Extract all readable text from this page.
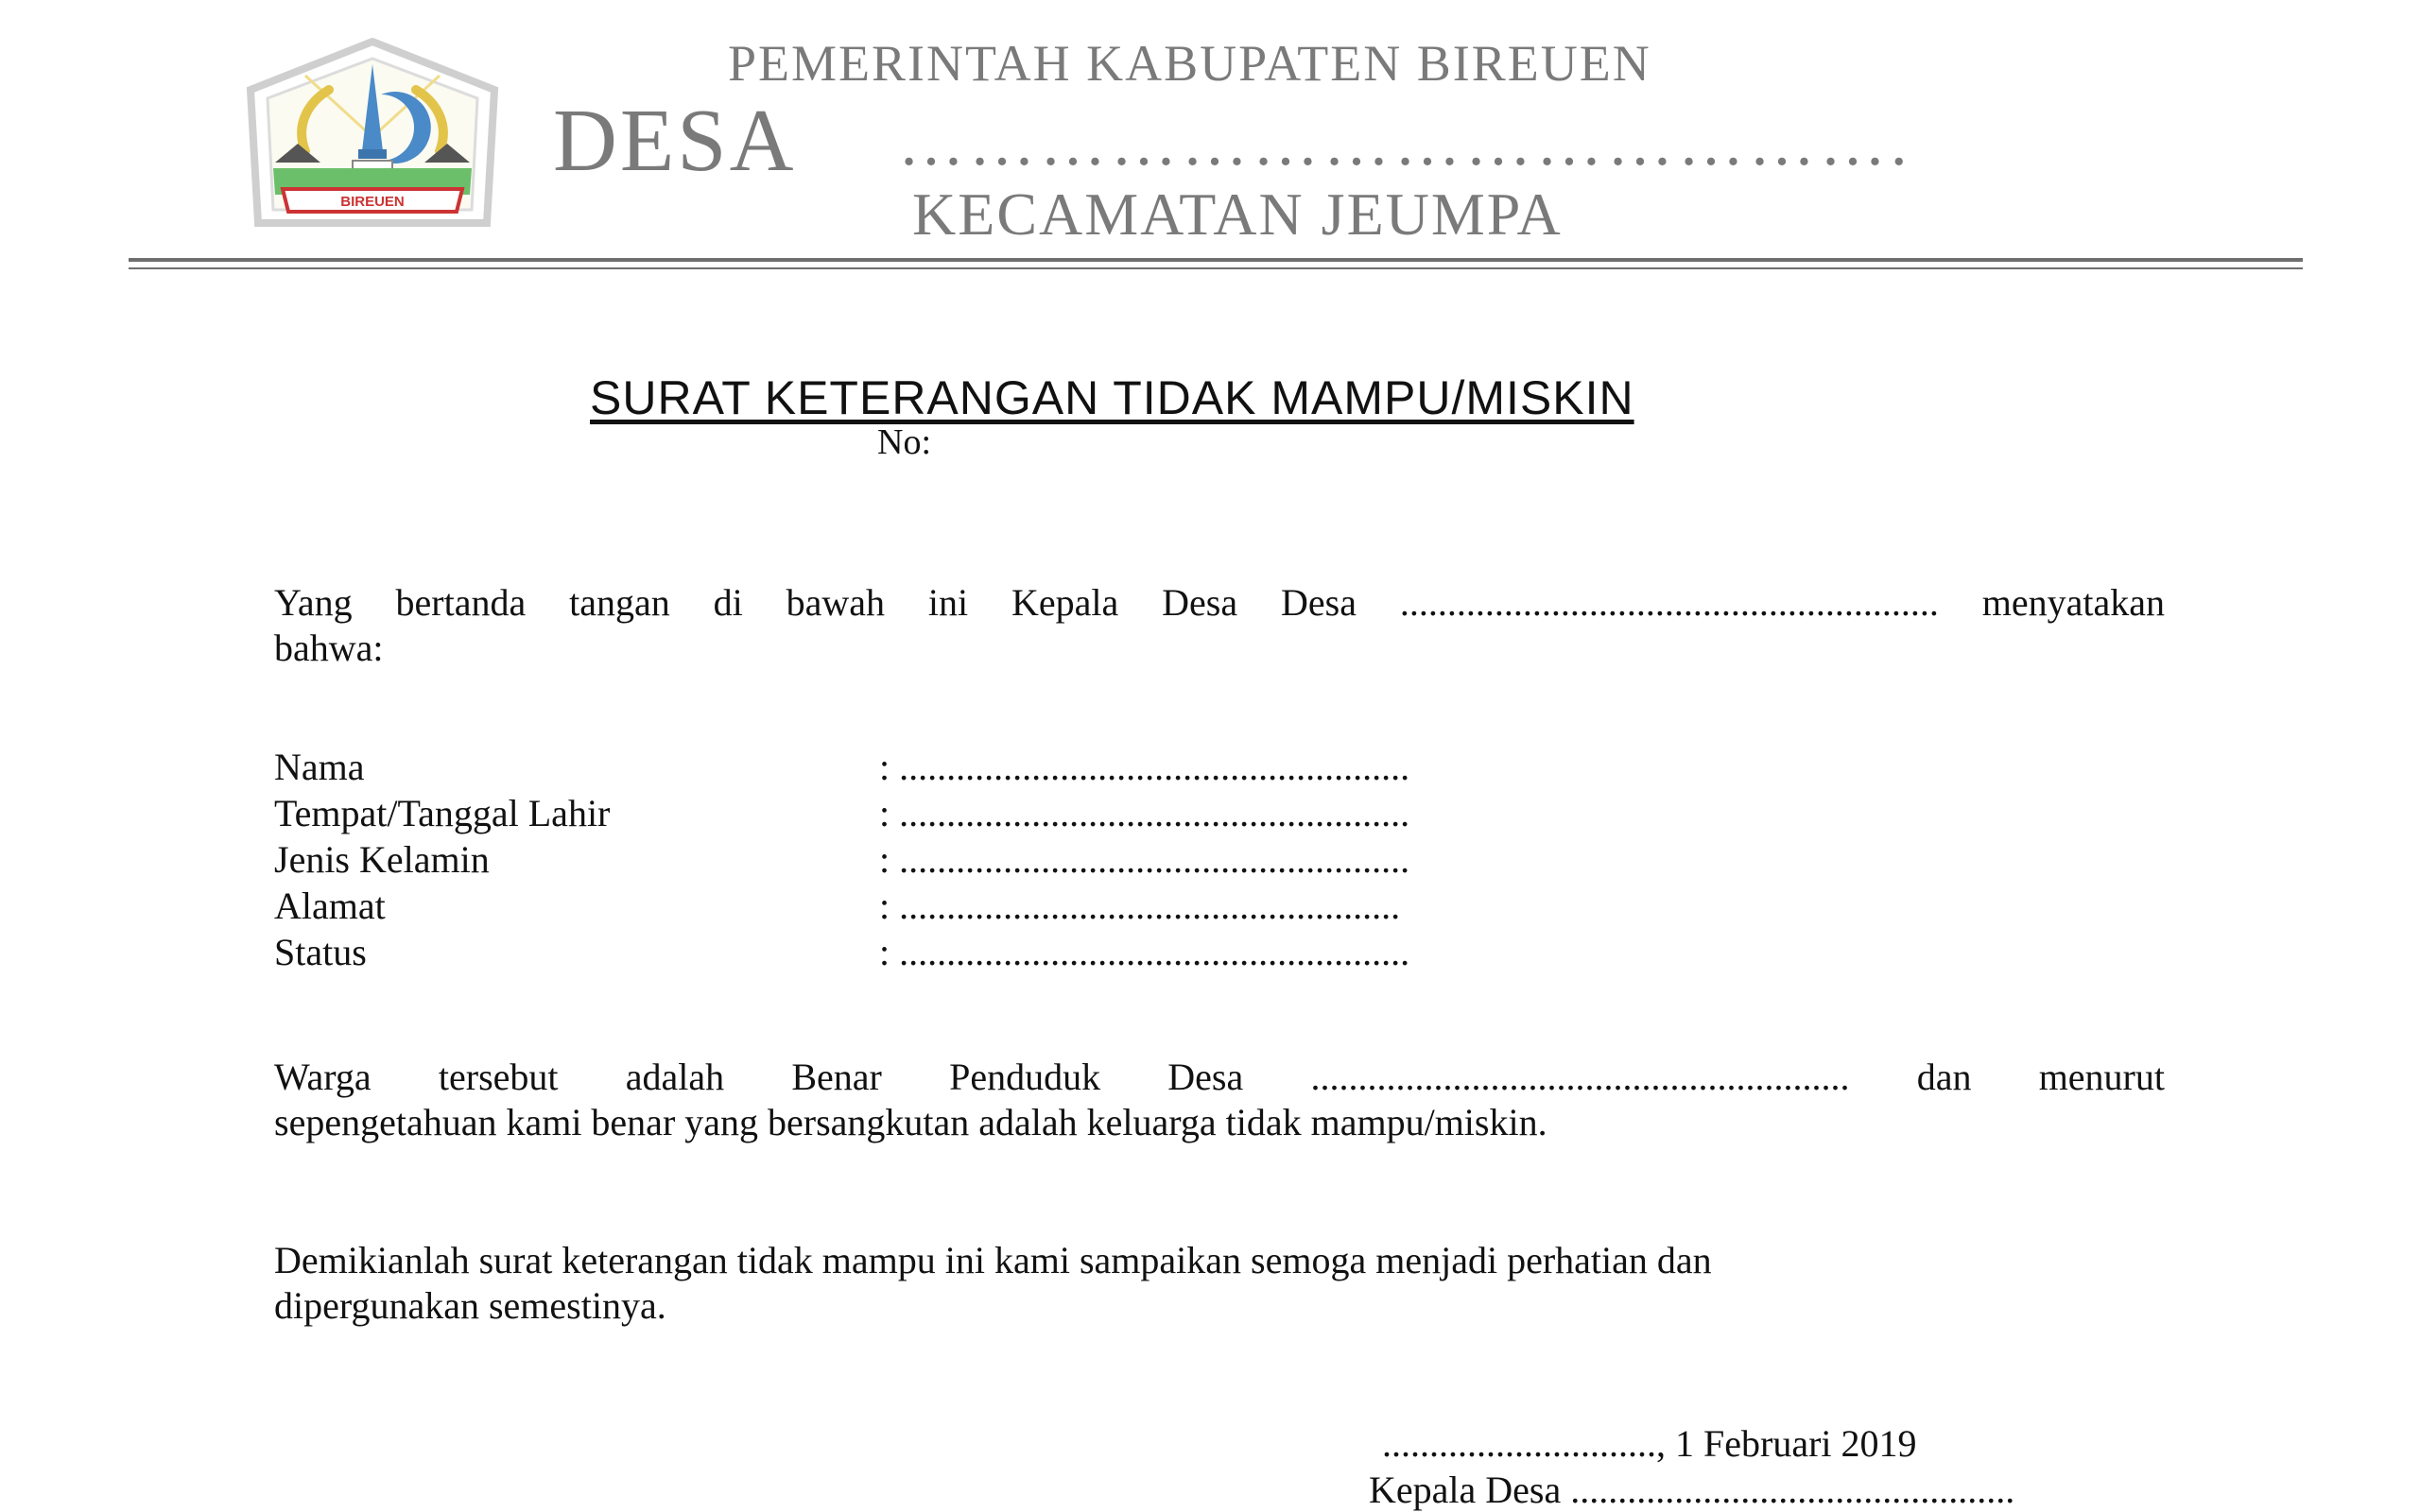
BIREUEN
PEMERINTAH KABUPATEN BIREUEN
DESA …………………………………….
KECAMATAN JEUMPA
SURAT KETERANGAN TIDAK MAMPU/MISKIN
No:
Yang bertanda tangan di bawah ini Kepala Desa Desa ......................................................... menyatakan
bahwa:
Nama	: ......................................................
Tempat/Tanggal Lahir	: ......................................................
Jenis Kelamin	: ......................................................
Alamat	: .....................................................
Status	: ......................................................
Warga tersebut adalah Benar Penduduk Desa ......................................................... dan menurut
sepengetahuan kami benar yang bersangkutan adalah keluarga tidak mampu/miskin.
Demikianlah surat keterangan tidak mampu ini kami sampaikan semoga menjadi perhatian dan
dipergunakan semestinya.
............................., 1 Februari 2019
Kepala Desa ...............................................
